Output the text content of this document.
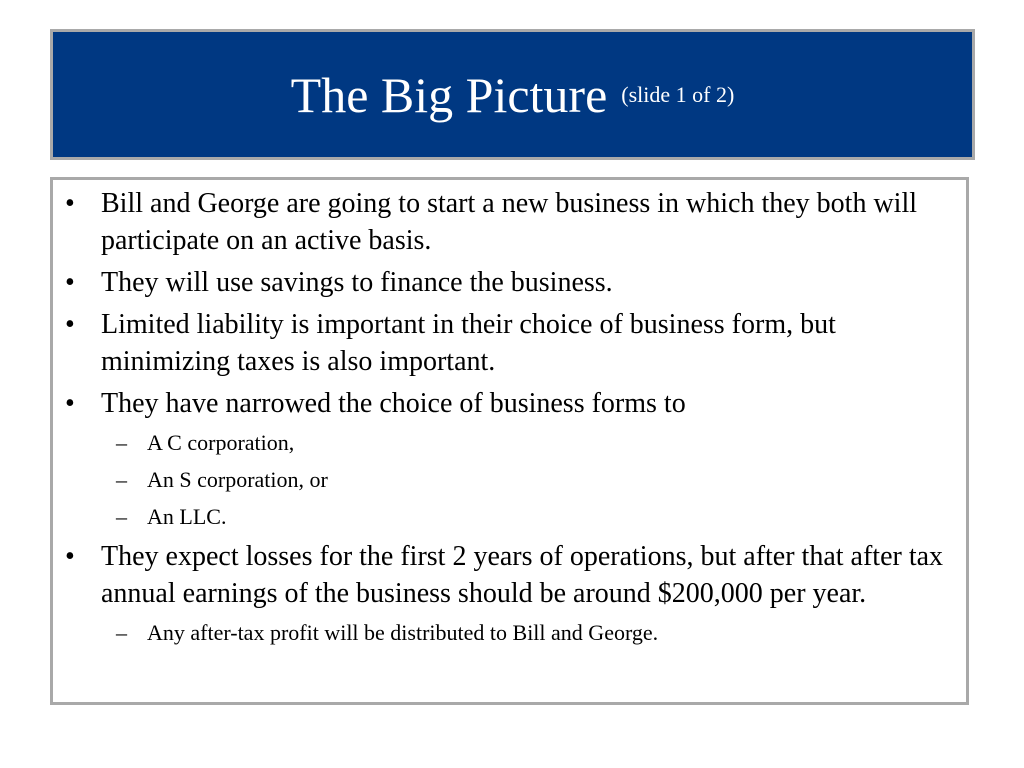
The Big Picture (slide 1 of 2)
• Bill and George are going to start a new business in which they both will participate on an active basis.
• They will use savings to finance the business.
• Limited liability is important in their choice of business form, but minimizing taxes is also important.
• They have narrowed the choice of business forms to
– A C corporation,
– An S corporation, or
– An LLC.
• They expect losses for the first 2 years of operations, but after that after tax annual earnings of the business should be around $200,000 per year.
– Any after-tax profit will be distributed to Bill and George.
